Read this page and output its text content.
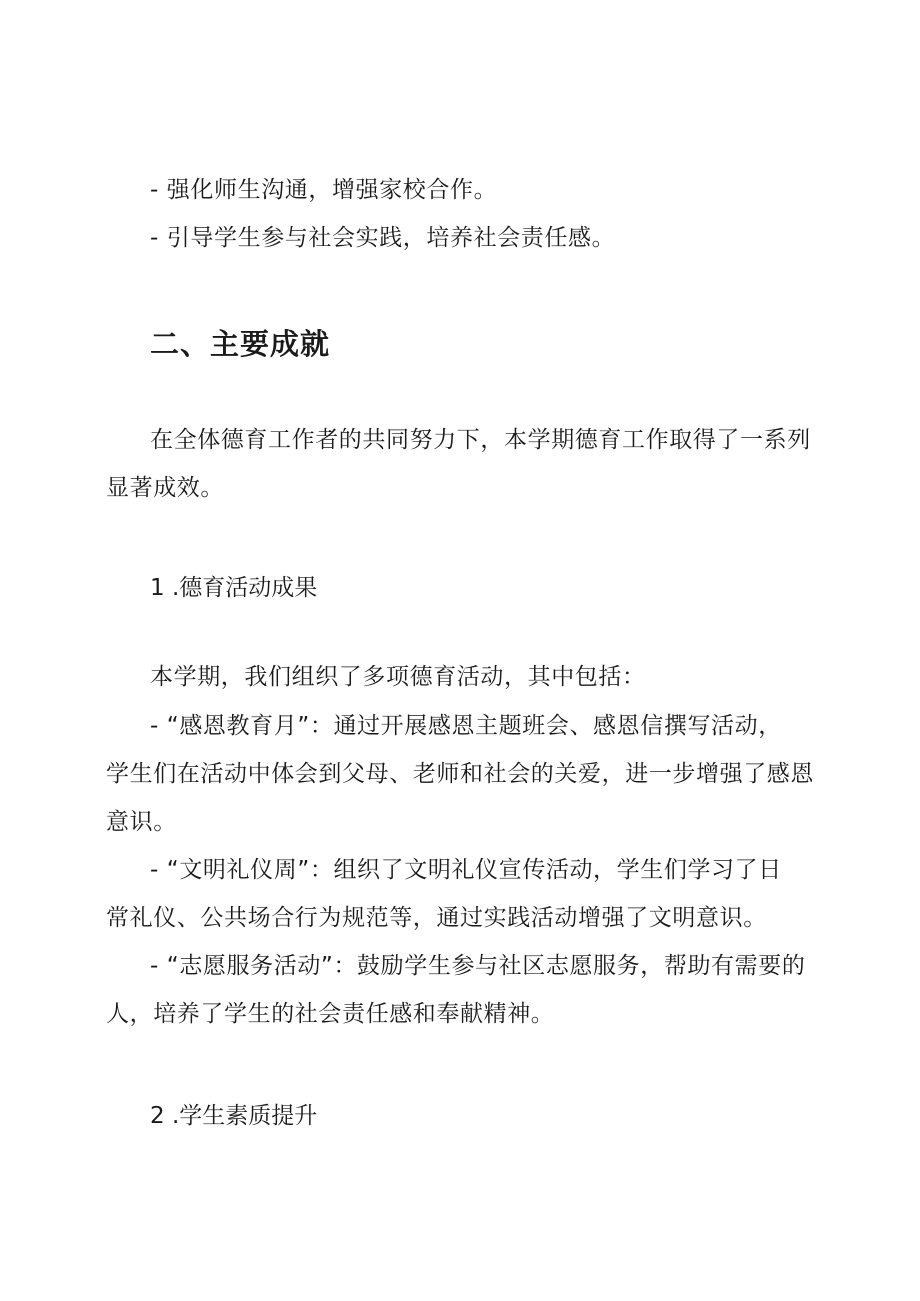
- 强化师生沟通，增强家校合作。
- 引导学生参与社会实践，培养社会责任感。
二、主要成就
在全体德育工作者的共同努力下，本学期德育工作取得了一系列
显著成效。
1 .德育活动成果
本学期，我们组织了多项德育活动，其中包括：
- “感恩教育月”：通过开展感恩主题班会、感恩信撰写活动，
学生们在活动中体会到父母、老师和社会的关爱，进一步增强了感恩
意识。
- “文明礼仪周”：组织了文明礼仪宣传活动，学生们学习了日
常礼仪、公共场合行为规范等，通过实践活动增强了文明意识。
- “志愿服务活动”：鼓励学生参与社区志愿服务，帮助有需要的
人，培养了学生的社会责任感和奉献精神。
2 .学生素质提升
